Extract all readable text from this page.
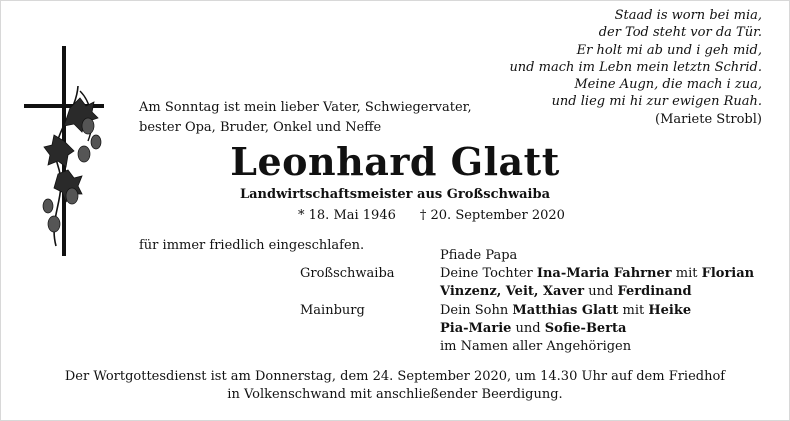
Staad is worn bei mia,
der Tod steht vor da Tür.
Er holt mi ab und i geh mid,
und mach im Lebn mein letztn Schrid.
Meine Augn, die mach i zua,
und lieg mi hi zur ewigen Ruah.
(Mariete Strobl)
Am Sonntag ist mein lieber Vater, Schwiegervater,
bester Opa, Bruder, Onkel und Neffe
Leonhard Glatt
Landwirtschaftsmeister aus Großschwaiba
* 18. Mai 1946 † 20. September 2020
für immer friedlich eingeschlafen.
Großschwaiba
Mainburg
Pfiade Papa
Deine Tochter Ina-Maria Fahrner mit Florian
Vinzenz, Veit, Xaver und Ferdinand
Dein Sohn Matthias Glatt mit Heike
Pia-Marie und Sofie-Berta
im Namen aller Angehörigen
Der Wortgottesdienst ist am Donnerstag, dem 24. September 2020, um 14.30 Uhr auf dem Friedhof
in Volkenschwand mit anschließender Beerdigung.
